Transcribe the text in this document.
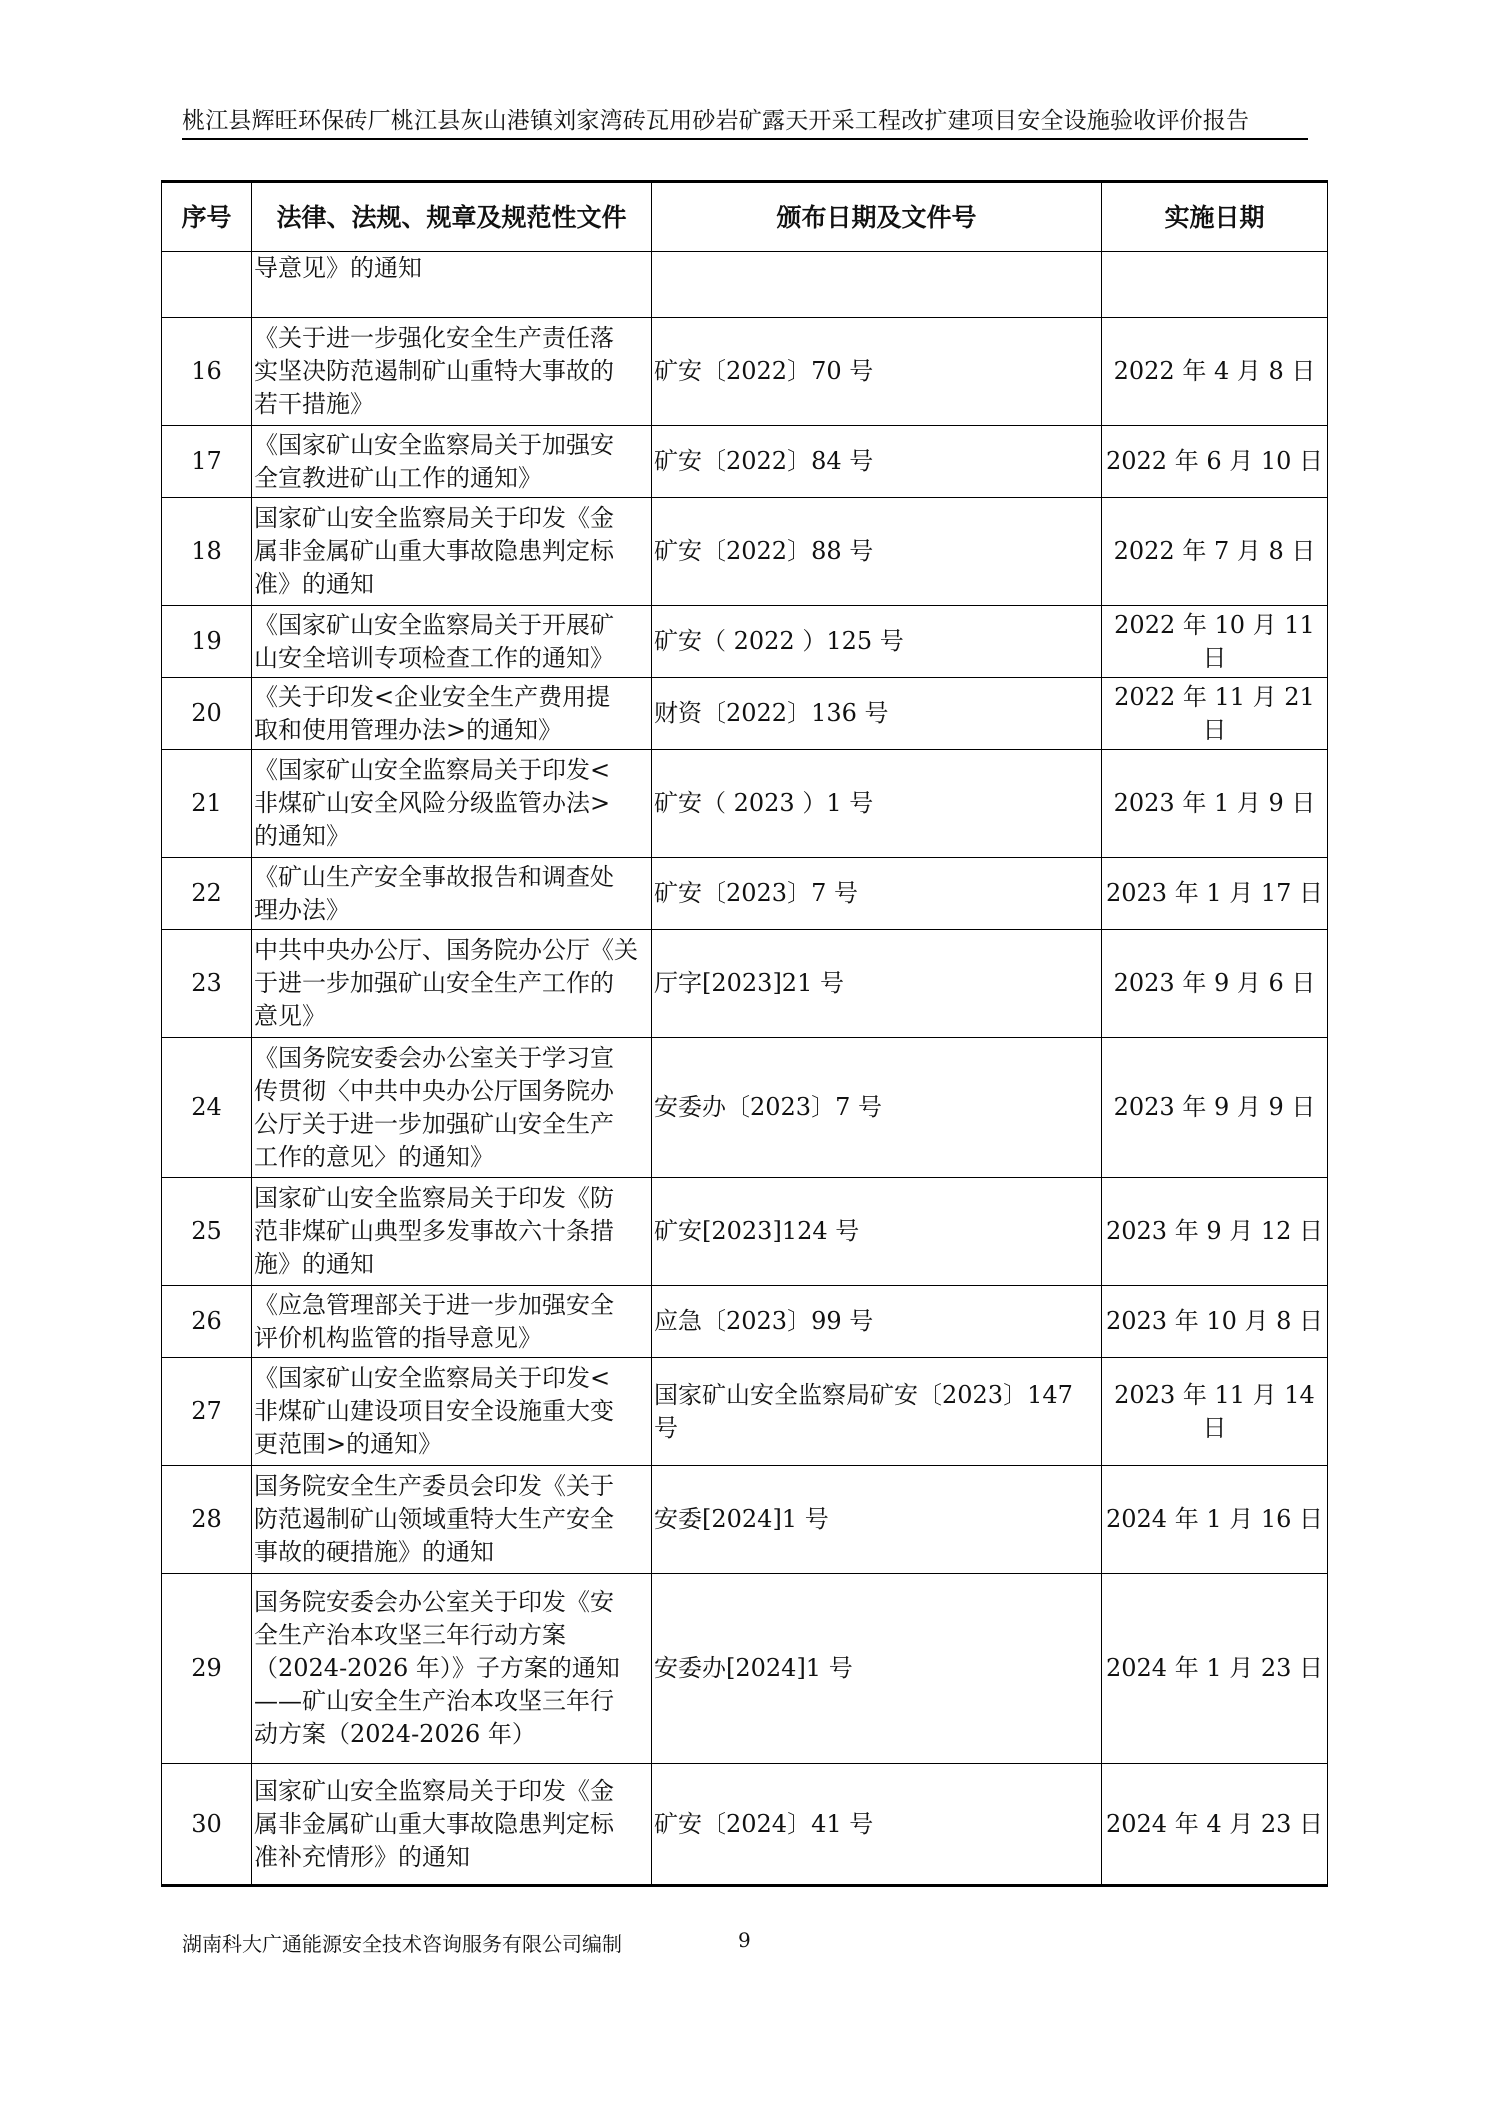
桃江县辉旺环保砖厂桃江县灰山港镇刘家湾砖瓦用砂岩矿露天开采工程改扩建项目安全设施验收评价报告
序号	法律、法规、规章及规范性文件	颁布日期及文件号	实施日期

	导意见》的通知		

16	《关于进一步强化安全生产责任落
实坚决防范遏制矿山重特大事故的
若干措施》	矿安〔2022〕70 号	2022 年 4 月 8 日
17	《国家矿山安全监察局关于加强安
全宣教进矿山工作的通知》	矿安〔2022〕84 号	2022 年 6 月 10 日
18	国家矿山安全监察局关于印发《金
属非金属矿山重大事故隐患判定标
准》的通知	矿安〔2022〕88 号	2022 年 7 月 8 日
19	《国家矿山安全监察局关于开展矿
山安全培训专项检查工作的通知》	矿安（ 2022 ）125 号	2022 年 10 月 11 日
20	《关于印发<企业安全生产费用提
取和使用管理办法>的通知》	财资〔2022〕136 号	2022 年 11 月 21 日
21	《国家矿山安全监察局关于印发<
非煤矿山安全风险分级监管办法>
的通知》	矿安（ 2023 ）1 号	2023 年 1 月 9 日
22	《矿山生产安全事故报告和调查处
理办法》	矿安〔2023〕7 号	2023 年 1 月 17 日
23	中共中央办公厅、国务院办公厅《关
于进一步加强矿山安全生产工作的
意见》	厅字[2023]21 号	2023 年 9 月 6 日
24	《国务院安委会办公室关于学习宣
传贯彻〈中共中央办公厅国务院办
公厅关于进一步加强矿山安全生产
工作的意见〉的通知》	安委办〔2023〕7 号	2023 年 9 月 9 日
25	国家矿山安全监察局关于印发《防
范非煤矿山典型多发事故六十条措
施》的通知	矿安[2023]124 号	2023 年 9 月 12 日
26	《应急管理部关于进一步加强安全
评价机构监管的指导意见》	应急〔2023〕99 号	2023 年 10 月 8 日
27	《国家矿山安全监察局关于印发<
非煤矿山建设项目安全设施重大变
更范围>的通知》	国家矿山安全监察局矿安〔2023〕147 号	2023 年 11 月 14 日
28	国务院安全生产委员会印发《关于
防范遏制矿山领域重特大生产安全
事故的硬措施》的通知	安委[2024]1 号	2024 年 1 月 16 日
29	国务院安委会办公室关于印发《安
全生产治本攻坚三年行动方案
（2024-2026 年）》子方案的通知
——矿山安全生产治本攻坚三年行
动方案（2024-2026 年）	安委办[2024]1 号	2024 年 1 月 23 日
30	国家矿山安全监察局关于印发《金
属非金属矿山重大事故隐患判定标
准补充情形》的通知	矿安〔2024〕41 号	2024 年 4 月 23 日
湖南科大广通能源安全技术咨询服务有限公司编制	9
